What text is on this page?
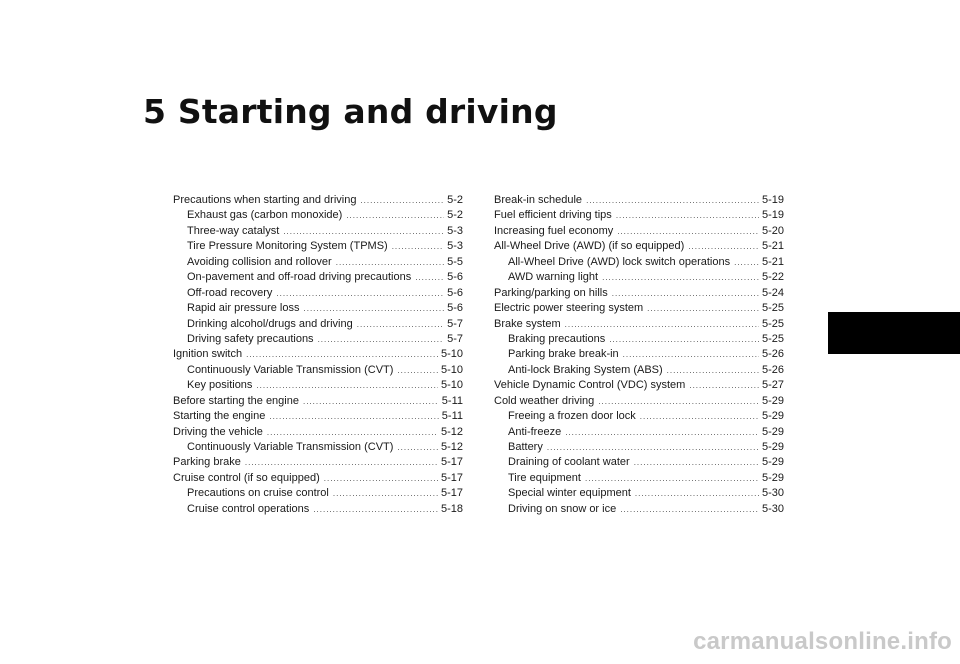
5 Starting and driving
Precautions when starting and driving .....	5-2
Exhaust gas (carbon monoxide) .....	5-2
Three-way catalyst .....	5-3
Tire Pressure Monitoring System (TPMS) .....	5-3
Avoiding collision and rollover .....	5-5
On-pavement and off-road driving precautions .....	5-6
Off-road recovery .....	5-6
Rapid air pressure loss .....	5-6
Drinking alcohol/drugs and driving .....	5-7
Driving safety precautions .....	5-7
Ignition switch .....	5-10
Continuously Variable Transmission (CVT) .....	5-10
Key positions .....	5-10
Before starting the engine .....	5-11
Starting the engine .....	5-11
Driving the vehicle .....	5-12
Continuously Variable Transmission (CVT) .....	5-12
Parking brake .....	5-17
Cruise control (if so equipped) .....	5-17
Precautions on cruise control .....	5-17
Cruise control operations .....	5-18
Break-in schedule .....	5-19
Fuel efficient driving tips .....	5-19
Increasing fuel economy .....	5-20
All-Wheel Drive (AWD) (if so equipped) .....	5-21
All-Wheel Drive (AWD) lock switch operations .....	5-21
AWD warning light .....	5-22
Parking/parking on hills .....	5-24
Electric power steering system .....	5-25
Brake system .....	5-25
Braking precautions .....	5-25
Parking brake break-in .....	5-26
Anti-lock Braking System (ABS) .....	5-26
Vehicle Dynamic Control (VDC) system .....	5-27
Cold weather driving .....	5-29
Freeing a frozen door lock .....	5-29
Anti-freeze .....	5-29
Battery .....	5-29
Draining of coolant water .....	5-29
Tire equipment .....	5-29
Special winter equipment .....	5-30
Driving on snow or ice .....	5-30
carmanualsonline.info
